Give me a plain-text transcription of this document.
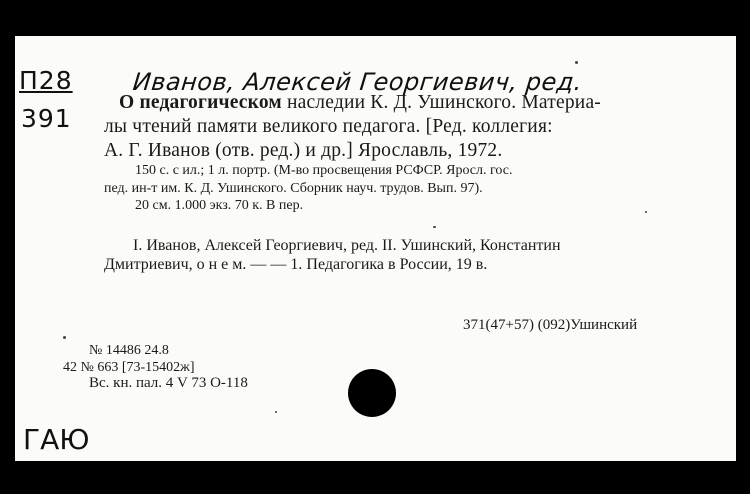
П28
391
Иванов, Алексей Георгиевич, ред.
О педагогическом наследии К. Д. Ушинского. Материа-
лы чтений памяти великого педагога. [Ред. коллегия:
А. Г. Иванов (отв. ред.) и др.] Ярославль, 1972.
150 с. с ил.; 1 л. портр. (М-во просвещения РСФСР. Яросл. гос.
пед. ин-т им. К. Д. Ушинского. Сборник науч. трудов. Вып. 97).
20 см. 1.000 экз. 70 к. В пер.
I. Иванов, Алексей Георгиевич, ред. II. Ушинский, Константин
Дмитриевич, о н е м. — — 1. Педагогика в России, 19 в.
371(47+57) (092)Ушинский
№ 14486 24.8
42 № 663 [73-15402ж]
Вс. кн. пал. 4 V 73 О-118
ГАЮ
